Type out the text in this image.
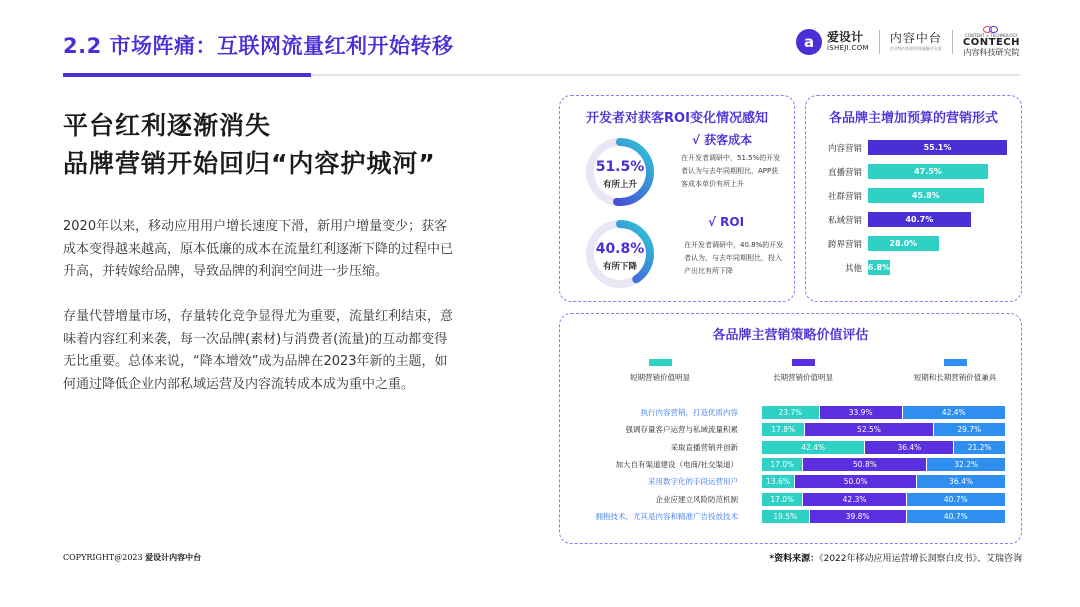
2.2 市场阵痛：互联网流量红利开始转移	a	爱设计
iSHEJI.COM
内容中台
企业级内容创作智能解决方案
CONTENT × TECHNOLOGY
CONTECH
内容科技研究院
平台红利逐渐消失
品牌营销开始回归“内容护城河”

2020年以来，移动应用用户增长速度下滑，新用户增量变少；获客成本变得越来越高，原本低廉的成本在流量红利逐渐下降的过程中已升高，并转嫁给品牌，导致品牌的利润空间进一步压缩。

存量代替增量市场，存量转化竞争显得尤为重要，流量红利结束，意味着内容红利来袭，每一次品牌(素材)与消费者(流量)的互动都变得无比重要。总体来说，“降本增效”成为品牌在2023年新的主题，如何通过降低企业内部私域运营及内容流转成本成为重中之重。

开发者对获客ROI变化情况感知
51.5%
有所上升
√ 获客成本
在开发者调研中，51.5%的开发者认为与去年同期相比，APP获客成本单价有所上升
40.8%
有所下降
√ ROI
在开发者调研中，40.8%的开发者认为，与去年同期相比，投入产出比有所下降
各品牌主增加预算的营销形式
内容营销	55.1%
直播营销	47.5%
社群营销	45.8%
私域营销	40.7%
跨界营销	28.0%
其他 6.8%
各品牌主营销策略价值评估
短期营销价值明显	长期营销价值明显	短期和长期营销价值兼具
执行内容营销，打造优质内容	23.7%	33.9%	42.4%
强调存量客户运营与私域流量积累	17.8%	52.5%	29.7%
采取直播营销并创新	42.4%	36.4%	21.2%
加大自有渠道建设（电商/社交渠道）	17.0%	50.8%	32.2%
采用数字化的手段运营用户	13.6%	50.0%	36.4%
企业应建立风险防范机制	17.0%	42.3%	40.7%
拥抱技术，尤其是内容和精准广告投放技术	19.5%	39.8%	40.7%
COPYRIGHT@2023 爱设计内容中台	*资料来源：《2022年移动应用运营增长洞察白皮书》、艾瑞咨询
